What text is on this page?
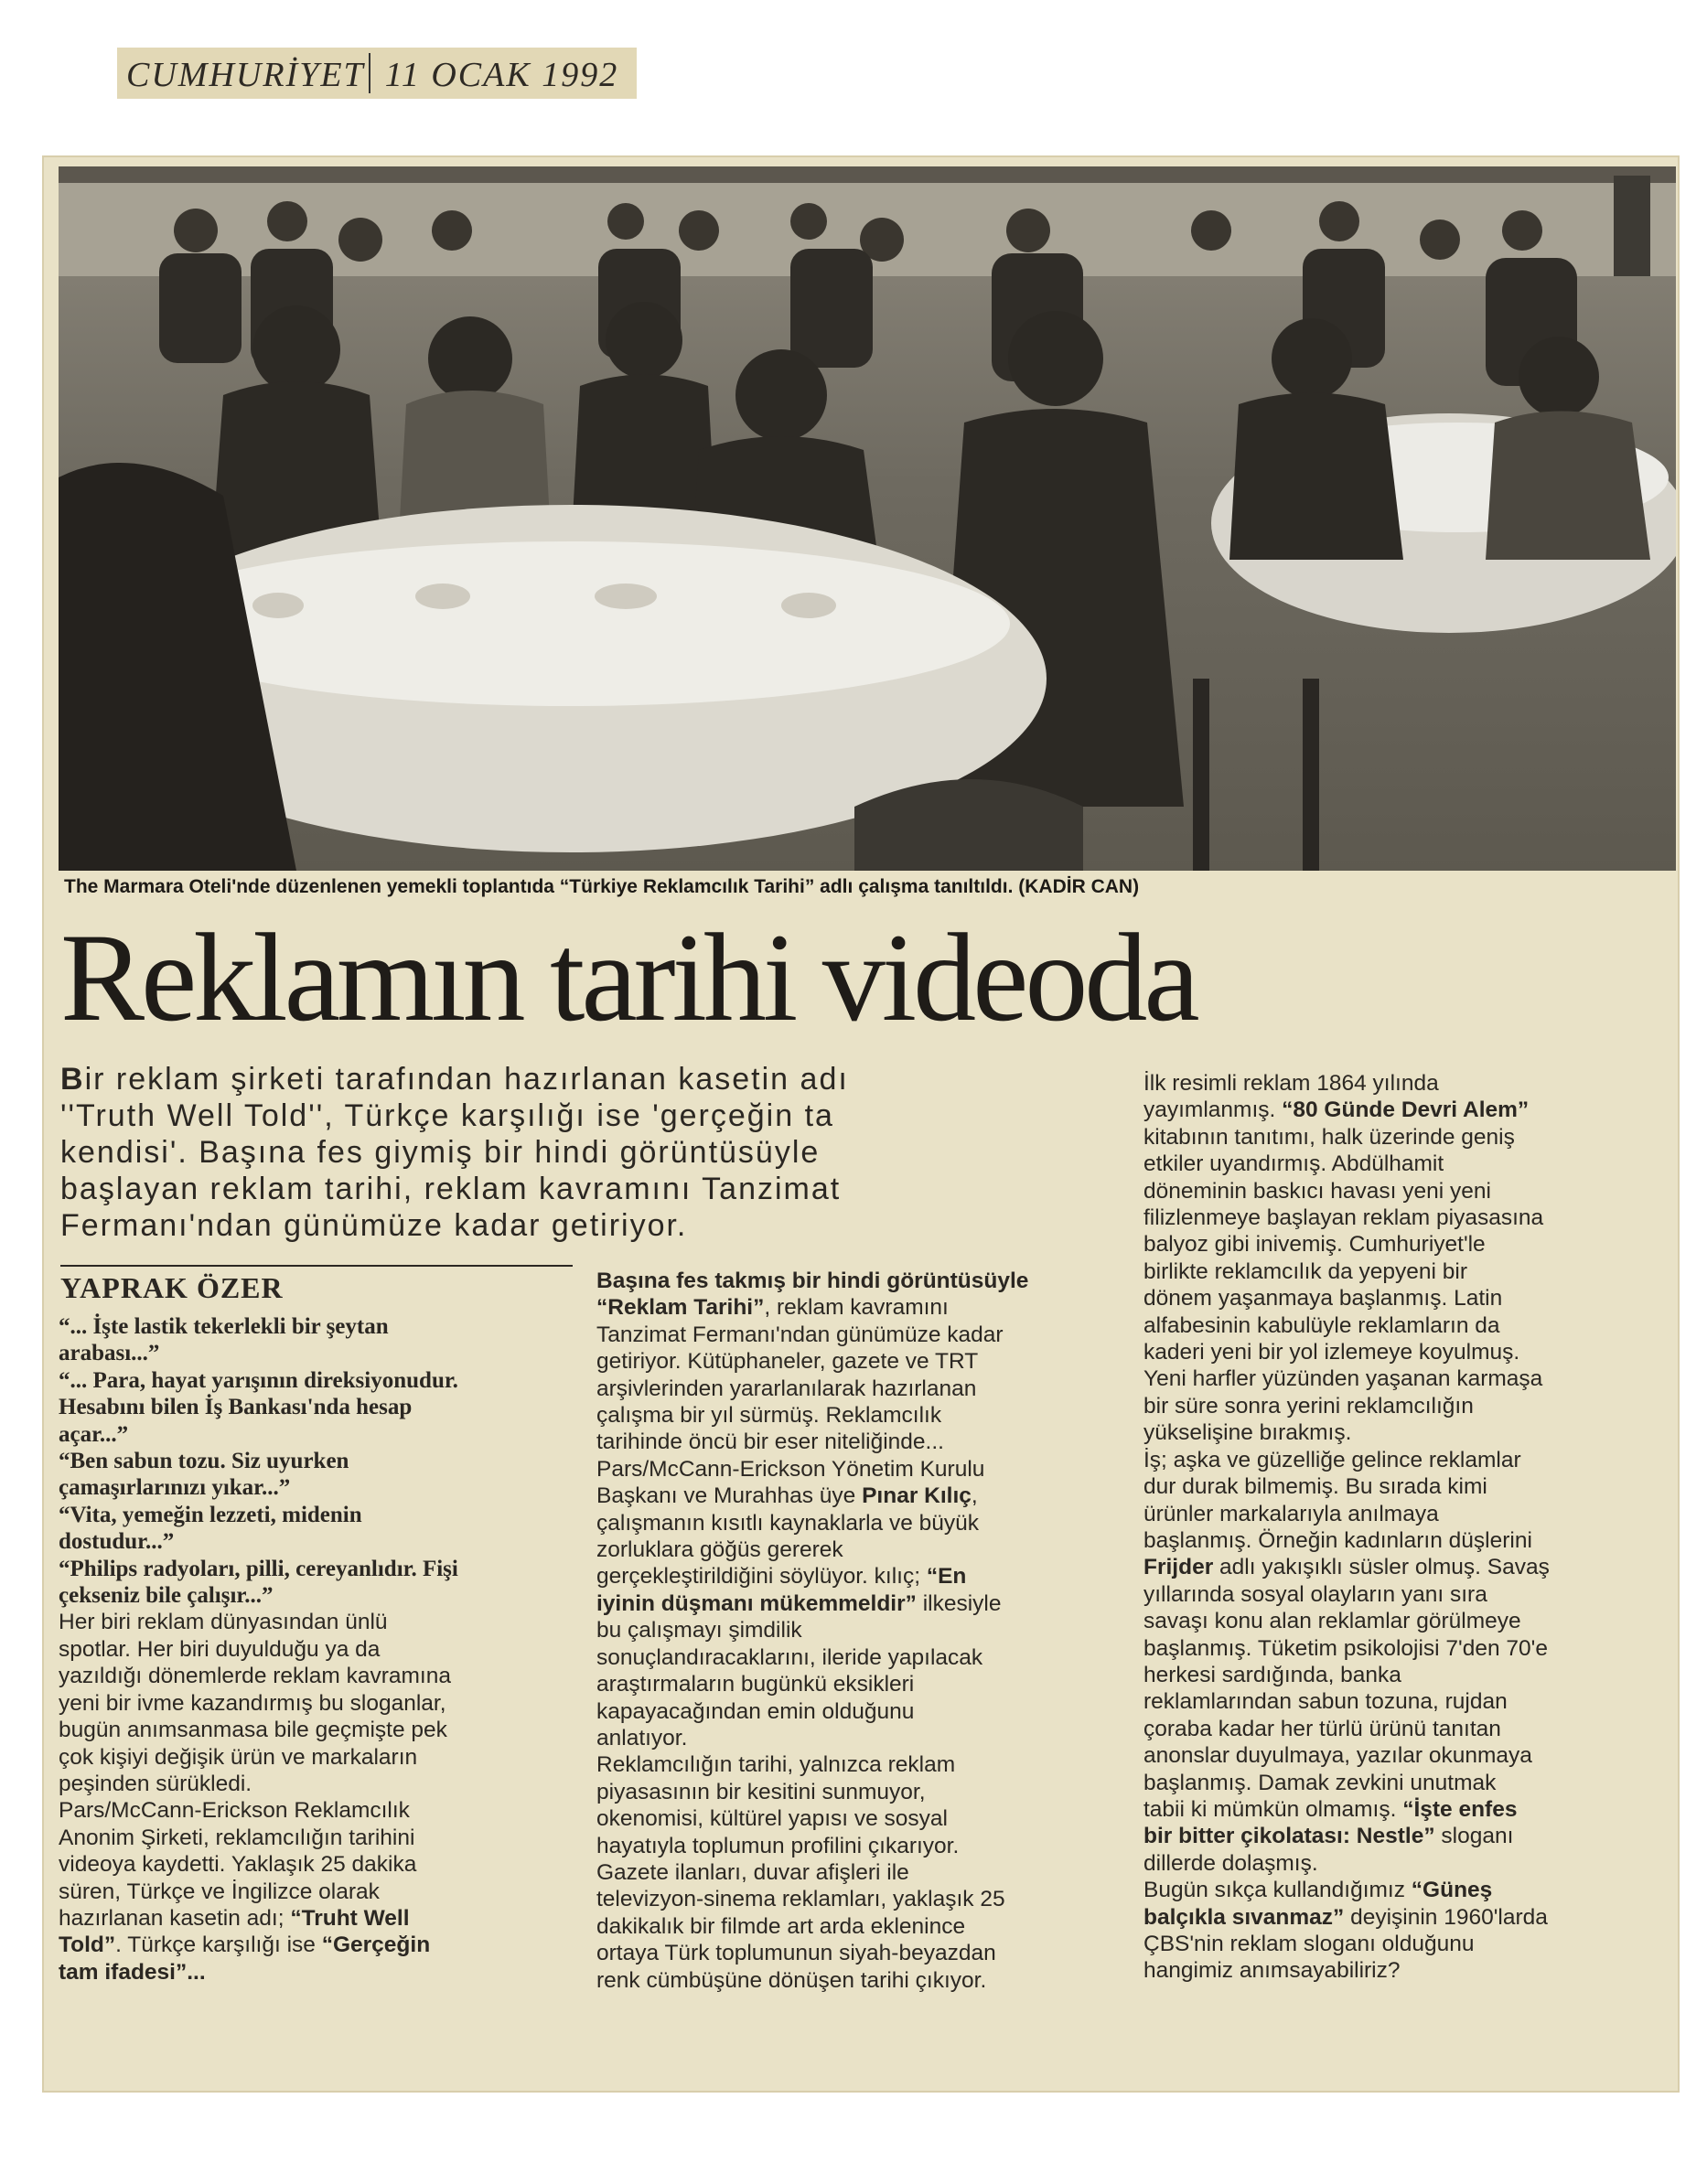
CUMHURİYET 11 OCAK 1992
The Marmara Oteli'nde düzenlenen yemekli toplantıda “Türkiye Reklamcılık Tarihi” adlı çalışma tanıltıldı. (KADİR CAN)
Reklamın tarihi videoda
Bir reklam şirketi tarafından hazırlanan kasetin adı
''Truth Well Told'', Türkçe karşılığı ise 'gerçeğin ta
kendisi'. Başına fes giymiş bir hindi görüntüsüyle
başlayan reklam tarihi, reklam kavramını Tanzimat
Fermanı'ndan günümüze kadar getiriyor.
YAPRAK ÖZER
“... İşte lastik tekerlekli bir şeytan
arabası...”
“... Para, hayat yarışının direksiyonudur.
Hesabını bilen İş Bankası'nda hesap
açar...”
“Ben sabun tozu. Siz uyurken
çamaşırlarınızı yıkar...”
“Vita, yemeğin lezzeti, midenin
dostudur...”
“Philips radyoları, pilli, cereyanlıdır. Fişi
çekseniz bile çalışır...”
Her biri reklam dünyasından ünlü
spotlar. Her biri duyulduğu ya da
yazıldığı dönemlerde reklam kavramına
yeni bir ivme kazandırmış bu sloganlar,
bugün anımsanmasa bile geçmişte pek
çok kişiyi değişik ürün ve markaların
peşinden sürükledi.
Pars/McCann-Erickson Reklamcılık
Anonim Şirketi, reklamcılığın tarihini
videoya kaydetti. Yaklaşık 25 dakika
süren, Türkçe ve İngilizce olarak
hazırlanan kasetin adı; “Truht Well
Told”. Türkçe karşılığı ise “Gerçeğin
tam ifadesi”...
Başına fes takmış bir hindi görüntüsüyle
“Reklam Tarihi”, reklam kavramını
Tanzimat Fermanı'ndan günümüze kadar
getiriyor. Kütüphaneler, gazete ve TRT
arşivlerinden yararlanılarak hazırlanan
çalışma bir yıl sürmüş. Reklamcılık
tarihinde öncü bir eser niteliğinde...
Pars/McCann-Erickson Yönetim Kurulu
Başkanı ve Murahhas üye Pınar Kılıç,
çalışmanın kısıtlı kaynaklarla ve büyük
zorluklara göğüs gererek
gerçekleştirildiğini söylüyor. kılıç; “En
iyinin düşmanı mükemmeldir” ilkesiyle
bu çalışmayı şimdilik
sonuçlandıracaklarını, ileride yapılacak
araştırmaların bugünkü eksikleri
kapayacağından emin olduğunu
anlatıyor.
Reklamcılığın tarihi, yalnızca reklam
piyasasının bir kesitini sunmuyor,
okenomisi, kültürel yapısı ve sosyal
hayatıyla toplumun profilini çıkarıyor.
Gazete ilanları, duvar afişleri ile
televizyon-sinema reklamları, yaklaşık 25
dakikalık bir filmde art arda eklenince
ortaya Türk toplumunun siyah-beyazdan
renk cümbüşüne dönüşen tarihi çıkıyor.
İlk resimli reklam 1864 yılında
yayımlanmış. “80 Günde Devri Alem”
kitabının tanıtımı, halk üzerinde geniş
etkiler uyandırmış. Abdülhamit
döneminin baskıcı havası yeni yeni
filizlenmeye başlayan reklam piyasasına
balyoz gibi inivemiş. Cumhuriyet'le
birlikte reklamcılık da yepyeni bir
dönem yaşanmaya başlanmış. Latin
alfabesinin kabulüyle reklamların da
kaderi yeni bir yol izlemeye koyulmuş.
Yeni harfler yüzünden yaşanan karmaşa
bir süre sonra yerini reklamcılığın
yükselişine bırakmış.
İş; aşka ve güzelliğe gelince reklamlar
dur durak bilmemiş. Bu sırada kimi
ürünler markalarıyla anılmaya
başlanmış. Örneğin kadınların düşlerini
Frijder adlı yakışıklı süsler olmuş. Savaş
yıllarında sosyal olayların yanı sıra
savaşı konu alan reklamlar görülmeye
başlanmış. Tüketim psikolojisi 7'den 70'e
herkesi sardığında, banka
reklamlarından sabun tozuna, rujdan
çoraba kadar her türlü ürünü tanıtan
anonslar duyulmaya, yazılar okunmaya
başlanmış. Damak zevkini unutmak
tabii ki mümkün olmamış. “İşte enfes
bir bitter çikolatası: Nestle” sloganı
dillerde dolaşmış.
Bugün sıkça kullandığımız “Güneş
balçıkla sıvanmaz” deyişinin 1960'larda
ÇBS'nin reklam sloganı olduğunu
hangimiz anımsayabiliriz?
